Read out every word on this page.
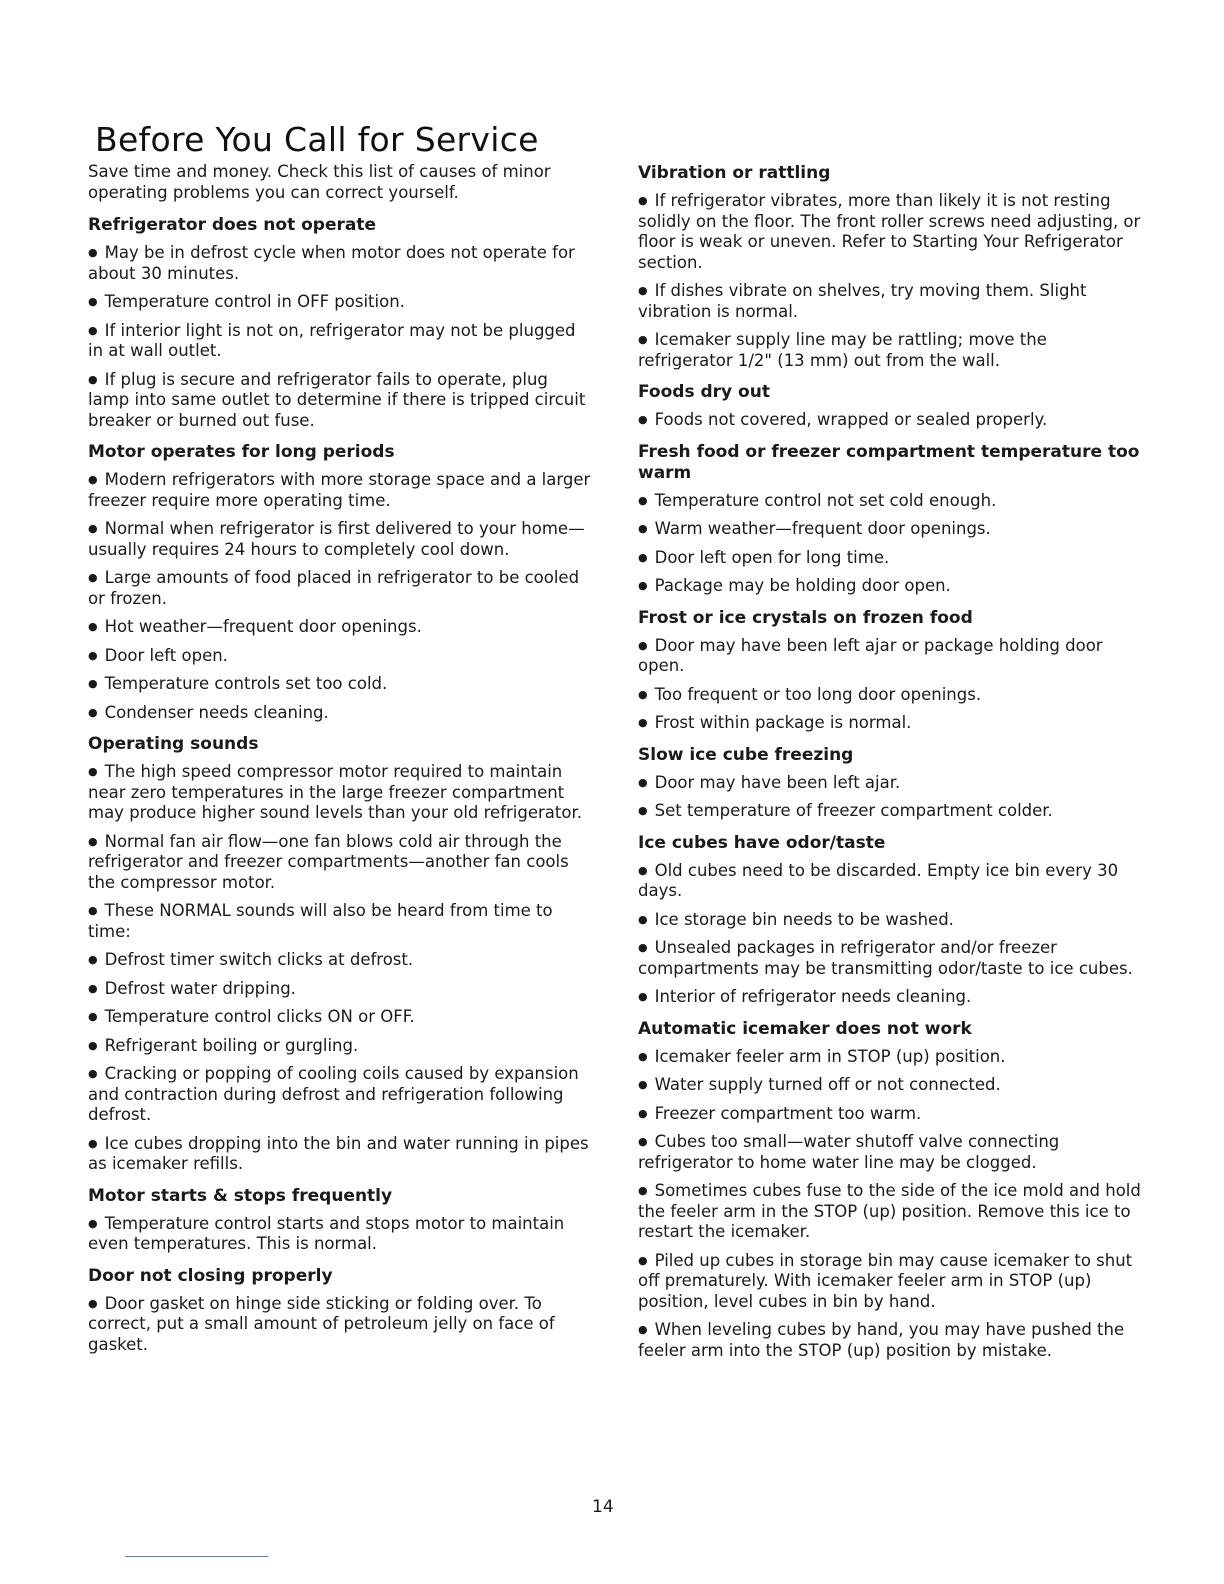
Before You Call for Service

Save time and money. Check this list of causes of minor operating problems you can correct yourself.

Refrigerator does not operate

● May be in defrost cycle when motor does not operate for about 30 minutes.

● Temperature control in OFF position.

● If interior light is not on, refrigerator may not be plugged in at wall outlet.

● If plug is secure and refrigerator fails to operate, plug lamp into same outlet to determine if there is tripped circuit breaker or burned out fuse.

Motor operates for long periods

● Modern refrigerators with more storage space and a larger freezer require more operating time.

● Normal when refrigerator is first delivered to your home—usually requires 24 hours to completely cool down.

● Large amounts of food placed in refrigerator to be cooled or frozen.

● Hot weather—frequent door openings.

● Door left open.

● Temperature controls set too cold.

● Condenser needs cleaning.

Operating sounds

● The high speed compressor motor required to maintain near zero temperatures in the large freezer compartment may produce higher sound levels than your old refrigerator.

● Normal fan air flow—one fan blows cold air through the refrigerator and freezer compartments—another fan cools the compressor motor.

● These NORMAL sounds will also be heard from time to time:

● Defrost timer switch clicks at defrost.

● Defrost water dripping.

● Temperature control clicks ON or OFF.

● Refrigerant boiling or gurgling.

● Cracking or popping of cooling coils caused by expansion and contraction during defrost and refrigeration following defrost.

● Ice cubes dropping into the bin and water running in pipes as icemaker refills.

Motor starts & stops frequently

● Temperature control starts and stops motor to maintain even temperatures. This is normal.

Door not closing properly

● Door gasket on hinge side sticking or folding over. To correct, put a small amount of petroleum jelly on face of gasket.

Vibration or rattling

● If refrigerator vibrates, more than likely it is not resting solidly on the floor. The front roller screws need adjusting, or floor is weak or uneven. Refer to Starting Your Refrigerator section.

● If dishes vibrate on shelves, try moving them. Slight vibration is normal.

● Icemaker supply line may be rattling; move the refrigerator 1/2" (13 mm) out from the wall.

Foods dry out

● Foods not covered, wrapped or sealed properly.

Fresh food or freezer compartment temperature too warm

● Temperature control not set cold enough.

● Warm weather—frequent door openings.

● Door left open for long time.

● Package may be holding door open.

Frost or ice crystals on frozen food

● Door may have been left ajar or package holding door open.

● Too frequent or too long door openings.

● Frost within package is normal.

Slow ice cube freezing

● Door may have been left ajar.

● Set temperature of freezer compartment colder.

Ice cubes have odor/taste

● Old cubes need to be discarded. Empty ice bin every 30 days.

● Ice storage bin needs to be washed.

● Unsealed packages in refrigerator and/or freezer compartments may be transmitting odor/taste to ice cubes.

● Interior of refrigerator needs cleaning.

Automatic icemaker does not work

● Icemaker feeler arm in STOP (up) position.

● Water supply turned off or not connected.

● Freezer compartment too warm.

● Cubes too small—water shutoff valve connecting refrigerator to home water line may be clogged.

● Sometimes cubes fuse to the side of the ice mold and hold the feeler arm in the STOP (up) position. Remove this ice to restart the icemaker.

● Piled up cubes in storage bin may cause icemaker to shut off prematurely. With icemaker feeler arm in STOP (up) position, level cubes in bin by hand.

● When leveling cubes by hand, you may have pushed the feeler arm into the STOP (up) position by mistake.

14
